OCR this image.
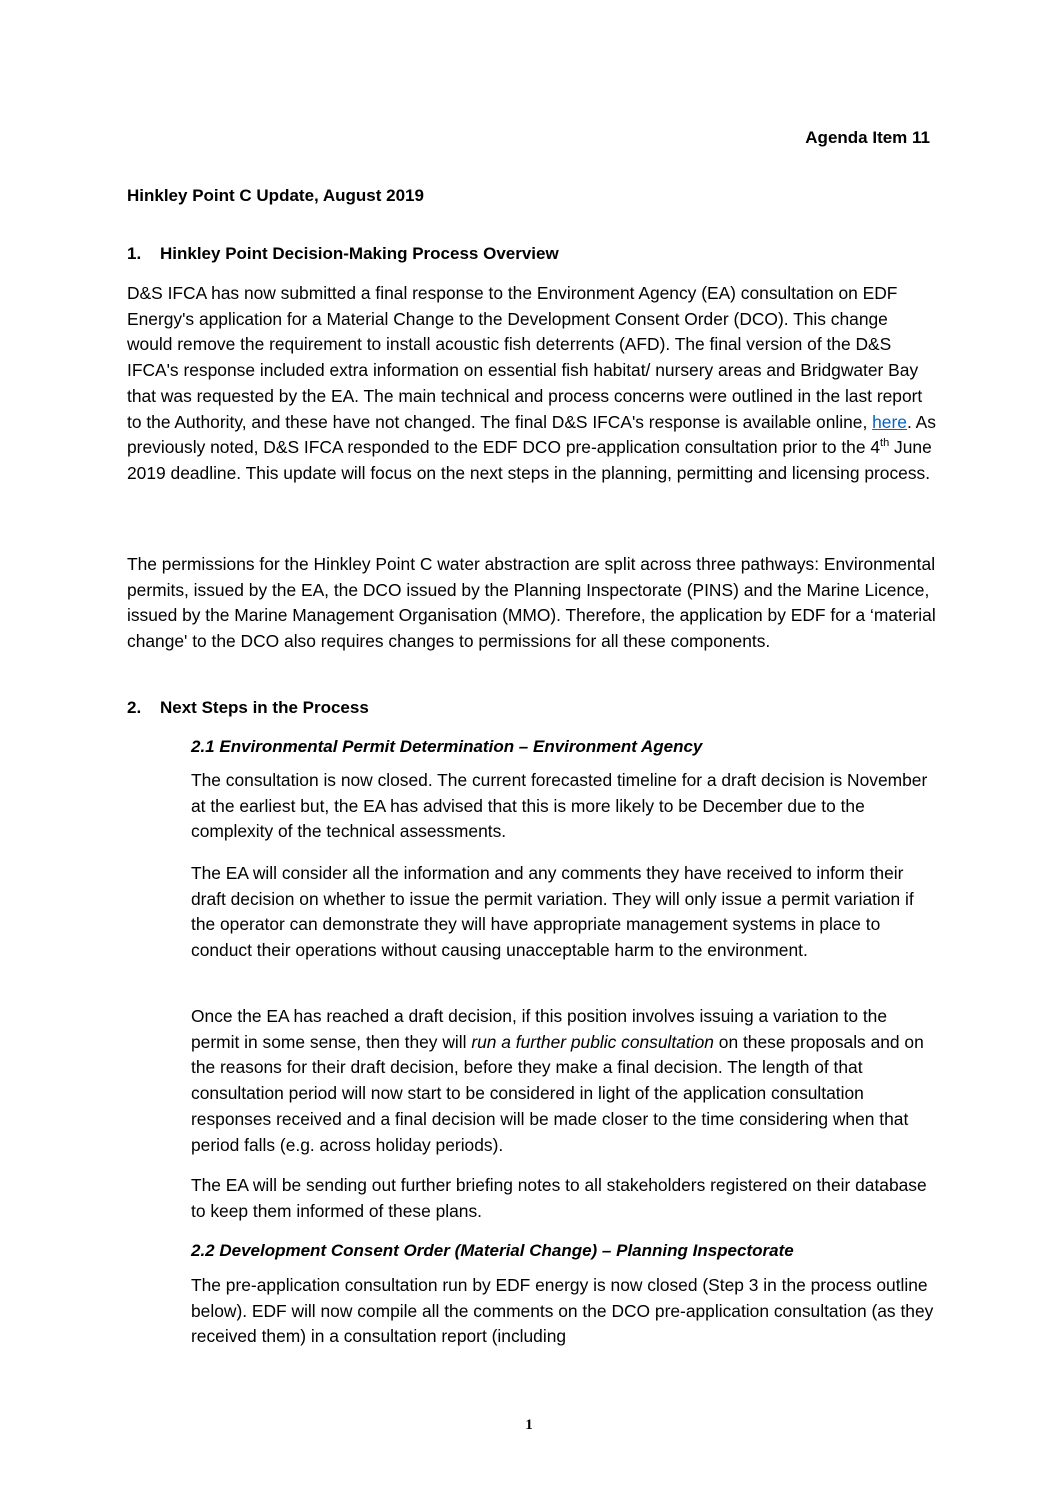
Agenda Item 11
Hinkley Point C Update, August 2019
1. Hinkley Point Decision-Making Process Overview

D&S IFCA has now submitted a final response to the Environment Agency (EA) consultation on EDF Energy's application for a Material Change to the Development Consent Order (DCO). This change would remove the requirement to install acoustic fish deterrents (AFD). The final version of the D&S IFCA's response included extra information on essential fish habitat/ nursery areas and Bridgwater Bay that was requested by the EA. The main technical and process concerns were outlined in the last report to the Authority, and these have not changed. The final D&S IFCA's response is available online, here. As previously noted, D&S IFCA responded to the EDF DCO pre-application consultation prior to the 4th June 2019 deadline. This update will focus on the next steps in the planning, permitting and licensing process.

The permissions for the Hinkley Point C water abstraction are split across three pathways: Environmental permits, issued by the EA, the DCO issued by the Planning Inspectorate (PINS) and the Marine Licence, issued by the Marine Management Organisation (MMO). Therefore, the application by EDF for a ‘material change' to the DCO also requires changes to permissions for all these components.

2. Next Steps in the Process
2.1 Environmental Permit Determination – Environment Agency

The consultation is now closed. The current forecasted timeline for a draft decision is November at the earliest but, the EA has advised that this is more likely to be December due to the complexity of the technical assessments.

The EA will consider all the information and any comments they have received to inform their draft decision on whether to issue the permit variation. They will only issue a permit variation if the operator can demonstrate they will have appropriate management systems in place to conduct their operations without causing unacceptable harm to the environment.

Once the EA has reached a draft decision, if this position involves issuing a variation to the permit in some sense, then they will run a further public consultation on these proposals and on the reasons for their draft decision, before they make a final decision. The length of that consultation period will now start to be considered in light of the application consultation responses received and a final decision will be made closer to the time considering when that period falls (e.g. across holiday periods).

The EA will be sending out further briefing notes to all stakeholders registered on their database to keep them informed of these plans.

2.2 Development Consent Order (Material Change) – Planning Inspectorate

The pre-application consultation run by EDF energy is now closed (Step 3 in the process outline below). EDF will now compile all the comments on the DCO pre-application consultation (as they received them) in a consultation report (including

1
